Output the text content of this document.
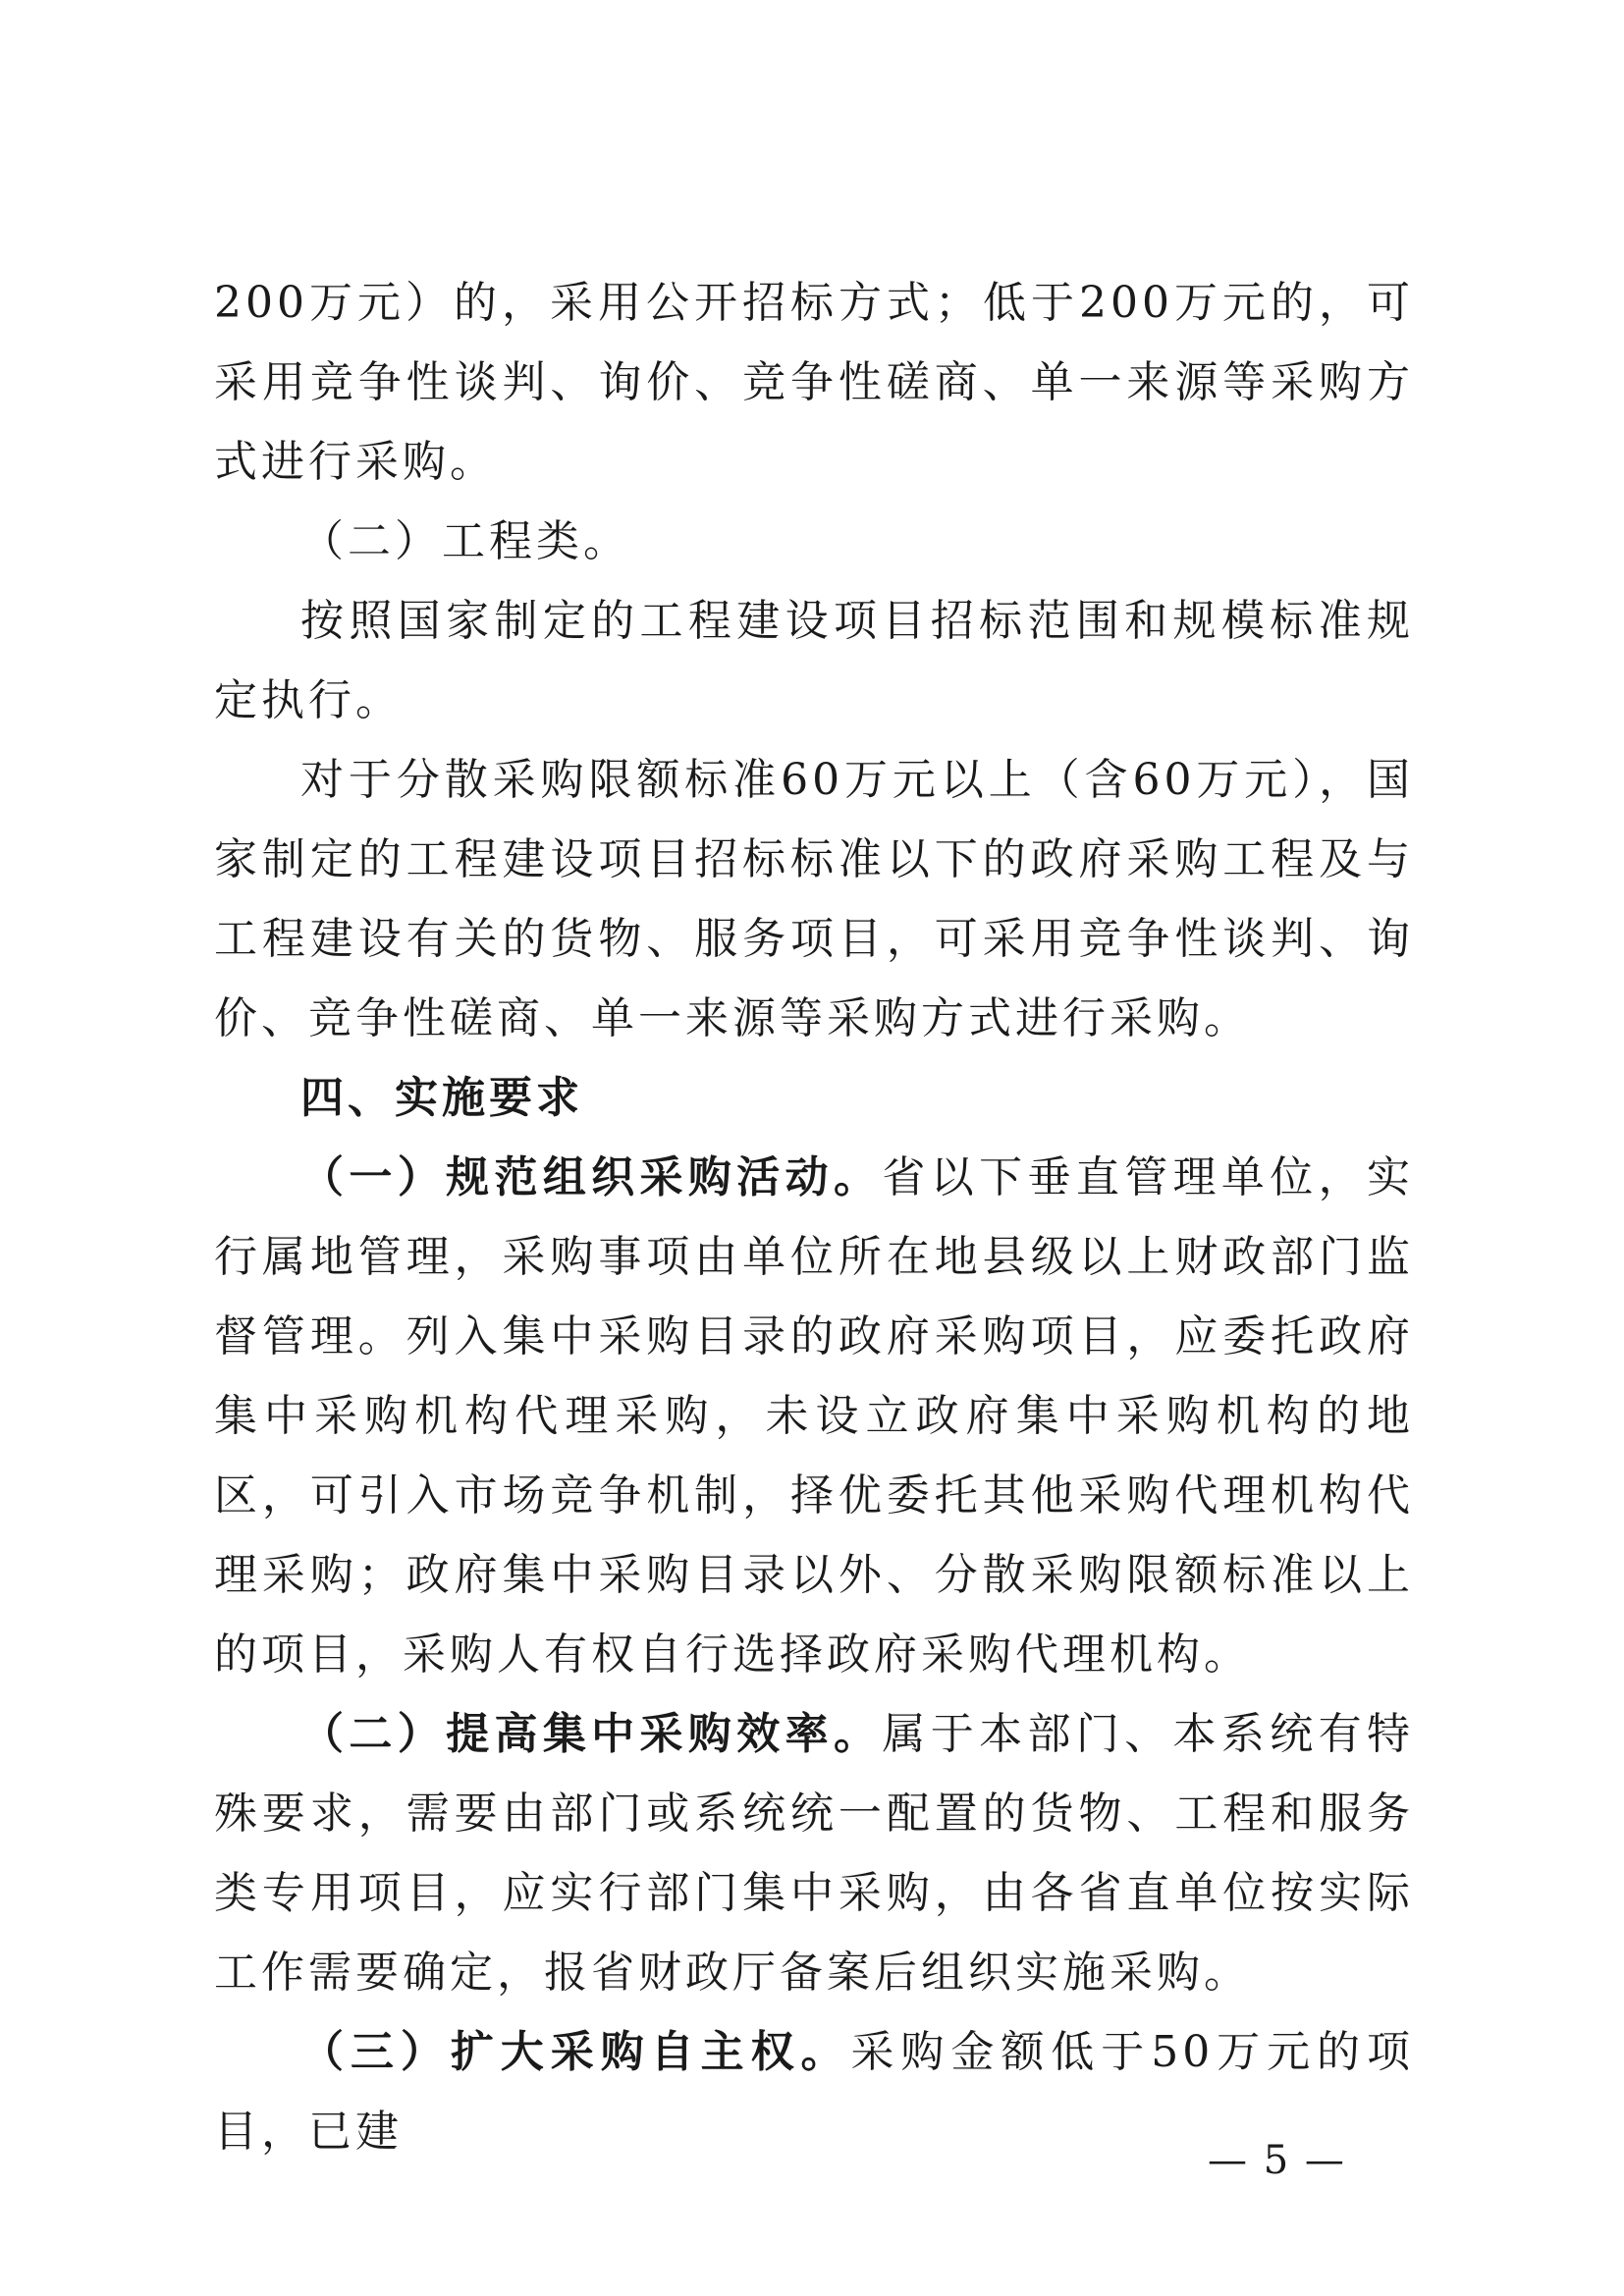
200万元）的，采用公开招标方式；低于200万元的，可采用竞争性谈判、询价、竞争性磋商、单一来源等采购方式进行采购。

（二）工程类。

按照国家制定的工程建设项目招标范围和规模标准规定执行。

对于分散采购限额标准60万元以上（含60万元），国家制定的工程建设项目招标标准以下的政府采购工程及与工程建设有关的货物、服务项目，可采用竞争性谈判、询价、竞争性磋商、单一来源等采购方式进行采购。

四、实施要求

（一）规范组织采购活动。省以下垂直管理单位，实行属地管理，采购事项由单位所在地县级以上财政部门监督管理。列入集中采购目录的政府采购项目，应委托政府集中采购机构代理采购，未设立政府集中采购机构的地区，可引入市场竞争机制，择优委托其他采购代理机构代理采购；政府集中采购目录以外、分散采购限额标准以上的项目，采购人有权自行选择政府采购代理机构。

（二）提高集中采购效率。属于本部门、本系统有特殊要求，需要由部门或系统统一配置的货物、工程和服务类专用项目，应实行部门集中采购，由各省直单位按实际工作需要确定，报省财政厅备案后组织实施采购。

（三）扩大采购自主权。采购金额低于50万元的项目，已建

— 5 —
